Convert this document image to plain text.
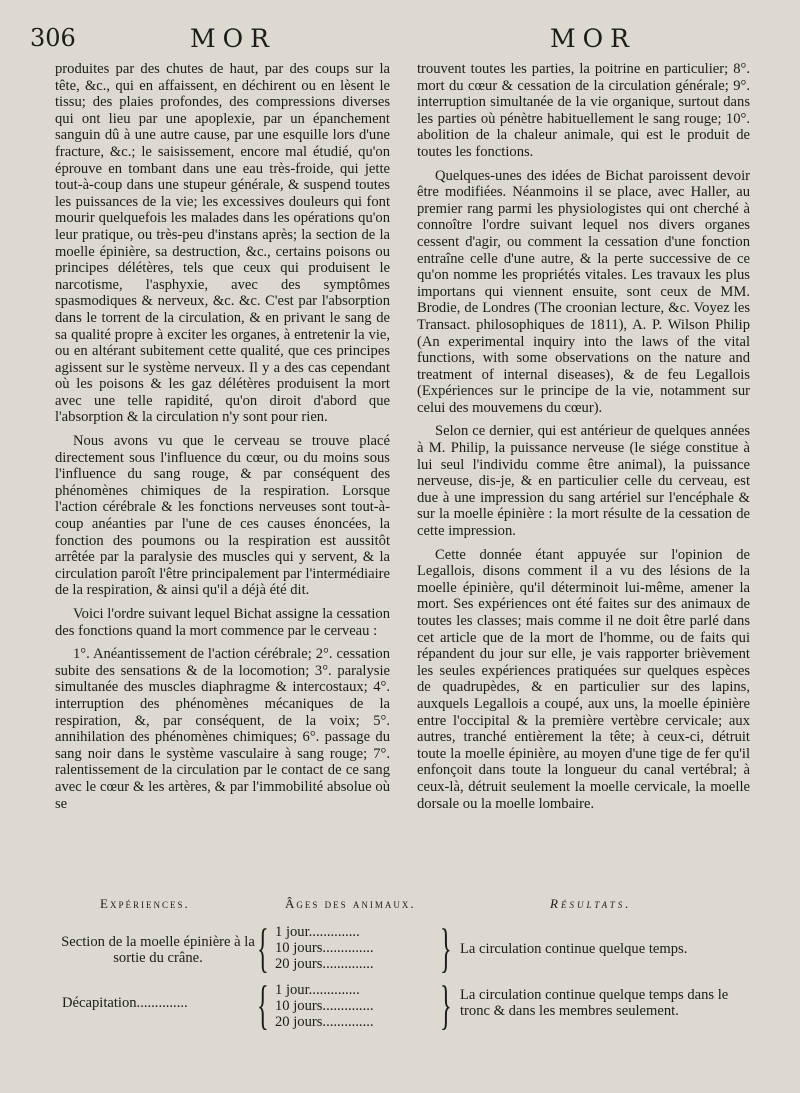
306	MOR	MOR

produites par des chutes de haut, par des coups sur la tête, &c., qui en affaissent, en déchirent ou en lèsent le tissu; des plaies profondes, des compressions diverses qui ont lieu par une apoplexie, par un épanchement sanguin dû à une autre cause, par une esquille lors d'une fracture, &c.; le saisissement, encore mal étudié, qu'on éprouve en tombant dans une eau très-froide, qui jette tout-à-coup dans une stupeur générale, & suspend toutes les puissances de la vie; les excessives douleurs qui font mourir quelquefois les malades dans les opérations qu'on leur pratique, ou très-peu d'instans après; la section de la moelle épinière, sa destruction, &c., certains poisons ou principes délétères, tels que ceux qui produisent le narcotisme, l'asphyxie, avec des symptômes spasmodiques & nerveux, &c. &c. C'est par l'absorption dans le torrent de la circulation, & en privant le sang de sa qualité propre à exciter les organes, à entretenir la vie, ou en altérant subitement cette qualité, que ces principes agissent sur le système nerveux. Il y a des cas cependant où les poisons & les gaz délétères produisent la mort avec une telle rapidité, qu'on diroit d'abord que l'absorption & la circulation n'y sont pour rien.

Nous avons vu que le cerveau se trouve placé directement sous l'influence du cœur, ou du moins sous l'influence du sang rouge, & par conséquent des phénomènes chimiques de la respiration. Lorsque l'action cérébrale & les fonctions nerveuses sont tout-à-coup anéanties par l'une de ces causes énoncées, la fonction des poumons ou la respiration est aussitôt arrêtée par la paralysie des muscles qui y servent, & la circulation paroît l'être principalement par l'intermédiaire de la respiration, & ainsi qu'il a déjà été dit.

Voici l'ordre suivant lequel Bichat assigne la cessation des fonctions quand la mort commence par le cerveau :

1°. Anéantissement de l'action cérébrale; 2°. cessation subite des sensations & de la locomotion; 3°. paralysie simultanée des muscles diaphragme & intercostaux; 4°. interruption des phénomènes mécaniques de la respiration, &, par conséquent, de la voix; 5°. annihilation des phénomènes chimiques; 6°. passage du sang noir dans le système vasculaire à sang rouge; 7°. ralentissement de la circulation par le contact de ce sang avec le cœur & les artères, & par l'immobilité absolue où se

trouvent toutes les parties, la poitrine en particulier; 8°. mort du cœur & cessation de la circulation générale; 9°. interruption simultanée de la vie organique, surtout dans les parties où pénètre habituellement le sang rouge; 10°. abolition de la chaleur animale, qui est le produit de toutes les fonctions.

Quelques-unes des idées de Bichat paroissent devoir être modifiées. Néanmoins il se place, avec Haller, au premier rang parmi les physiologistes qui ont cherché à connoître l'ordre suivant lequel nos divers organes cessent d'agir, ou comment la cessation d'une fonction entraîne celle d'une autre, & la perte successive de ce qu'on nomme les propriétés vitales. Les travaux les plus importans qui viennent ensuite, sont ceux de MM. Brodie, de Londres (The croonian lecture, &c. Voyez les Transact. philosophiques de 1811), A. P. Wilson Philip (An experimental inquiry into the laws of the vital functions, with some observations on the nature and treatment of internal diseases), & de feu Legallois (Expériences sur le principe de la vie, notamment sur celui des mouvemens du cœur).

Selon ce dernier, qui est antérieur de quelques années à M. Philip, la puissance nerveuse (le siége constitue à lui seul l'individu comme être animal), la puissance nerveuse, dis-je, & en particulier celle du cerveau, est due à une impression du sang artériel sur l'encéphale & sur la moelle épinière : la mort résulte de la cessation de cette impression.

Cette donnée étant appuyée sur l'opinion de Legallois, disons comment il a vu des lésions de la moelle épinière, qu'il déterminoit lui-même, amener la mort. Ses expériences ont été faites sur des animaux de toutes les classes; mais comme il ne doit être parlé dans cet article que de la mort de l'homme, ou de faits qui répandent du jour sur elle, je vais rapporter brièvement les seules expériences pratiquées sur quelques espèces de quadrupèdes, & en particulier sur des lapins, auxquels Legallois a coupé, aux uns, la moelle épinière entre l'occipital & la première vertèbre cervicale; aux autres, tranché entièrement la tête; à ceux-ci, détruit toute la moelle épinière, au moyen d'une tige de fer qu'il enfonçoit dans toute la longueur du canal vertébral; à ceux-là, détruit seulement la moelle cervicale, la moelle dorsale ou la moelle lombaire.

Expériences.	Âges des animaux.	Résultats.
Section de la moelle épinière à la sortie du crâne.	{ 1 jour..............
10 jours..............
20 jours.............. } La circulation continue quelque temps.
Décapitation..............	{ 1 jour..............
10 jours..............
20 jours.............. } La circulation continue quelque temps dans le tronc & dans les membres seulement.
